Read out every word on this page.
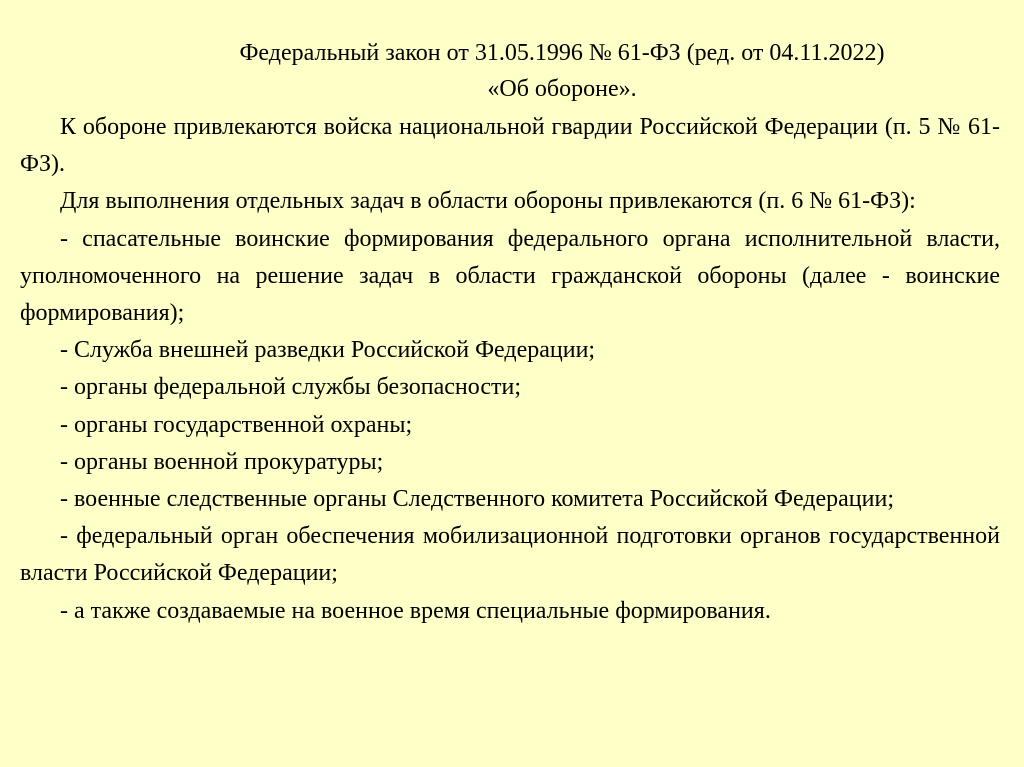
Федеральный закон от 31.05.1996 № 61-ФЗ (ред. от 04.11.2022)
«Об обороне».

К обороне привлекаются войска национальной гвардии Российской Федерации (п. 5 № 61-ФЗ).

Для выполнения отдельных задач в области обороны привлекаются (п. 6 № 61-ФЗ):

- спасательные воинские формирования федерального органа исполнительной власти, уполномоченного на решение задач в области гражданской обороны (далее - воинские формирования);

- Служба внешней разведки Российской Федерации;

- органы федеральной службы безопасности;

- органы государственной охраны;

- органы военной прокуратуры;

- военные следственные органы Следственного комитета Российской Федерации;

- федеральный орган обеспечения мобилизационной подготовки органов государственной власти Российской Федерации;

- а также создаваемые на военное время специальные формирования.
